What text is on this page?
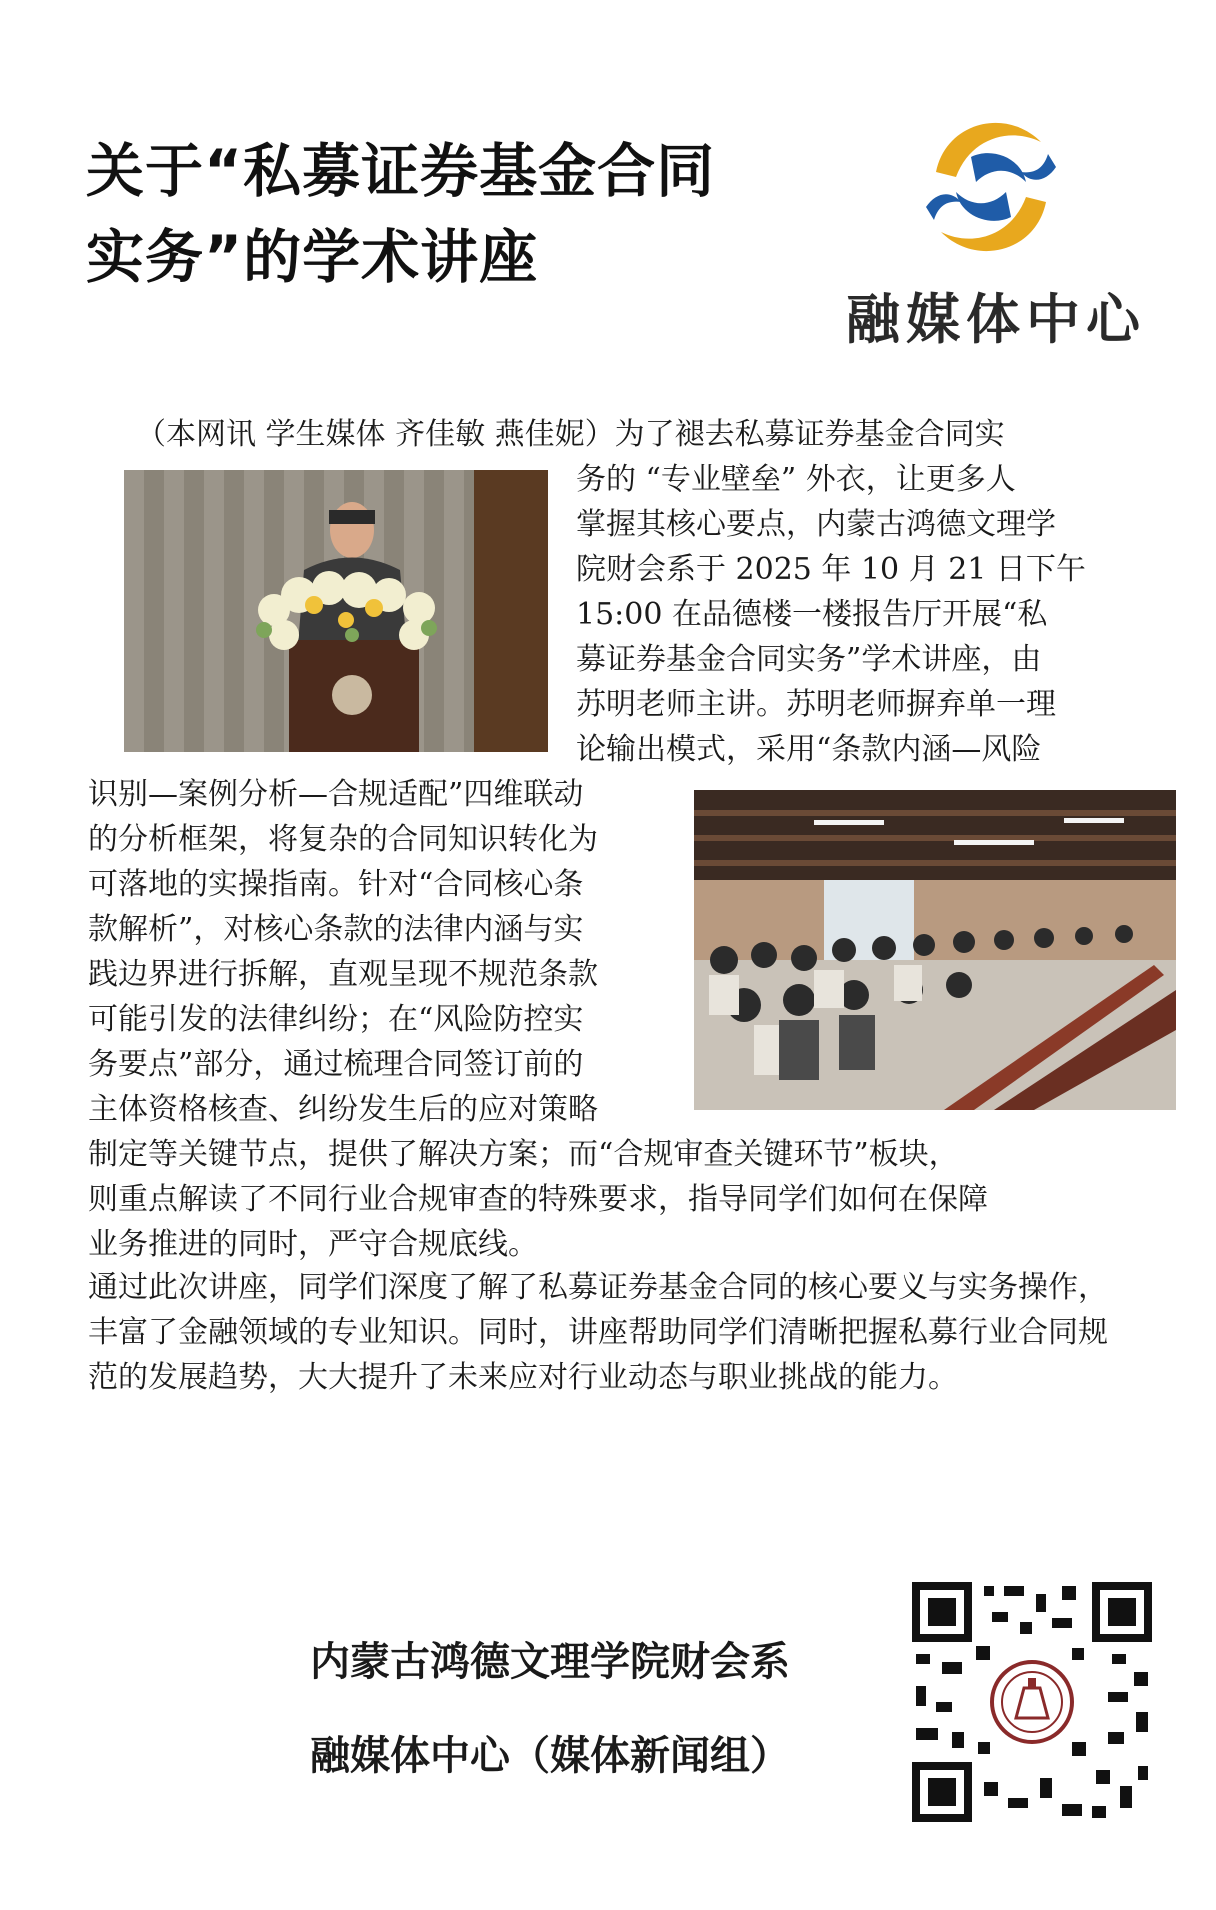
关于“私募证券基金合同
实务”的学术讲座
融媒体中心
（本网讯 学生媒体 齐佳敏 燕佳妮）为了褪去私募证券基金合同实
务的 “专业壁垒” 外衣，让更多人
掌握其核心要点，内蒙古鸿德文理学
院财会系于 2025 年 10 月 21 日下午
15:00 在品德楼一楼报告厅开展“私
募证券基金合同实务”学术讲座，由
苏明老师主讲。苏明老师摒弃单一理
论输出模式，采用“条款内涵—风险
识别—案例分析—合规适配”四维联动
的分析框架，将复杂的合同知识转化为
可落地的实操指南。针对“合同核心条
款解析”，对核心条款的法律内涵与实
践边界进行拆解，直观呈现不规范条款
可能引发的法律纠纷；在“风险防控实
务要点”部分，通过梳理合同签订前的
主体资格核查、纠纷发生后的应对策略
制定等关键节点，提供了解决方案；而“合规审查关键环节”板块，
则重点解读了不同行业合规审查的特殊要求，指导同学们如何在保障
业务推进的同时，严守合规底线。
通过此次讲座，同学们深度了解了私募证券基金合同的核心要义与实务操作，丰富了金融领域的专业知识。同时，讲座帮助同学们清晰把握私募行业合同规范的发展趋势，大大提升了未来应对行业动态与职业挑战的能力。
内蒙古鸿德文理学院财会系
融媒体中心（媒体新闻组）
